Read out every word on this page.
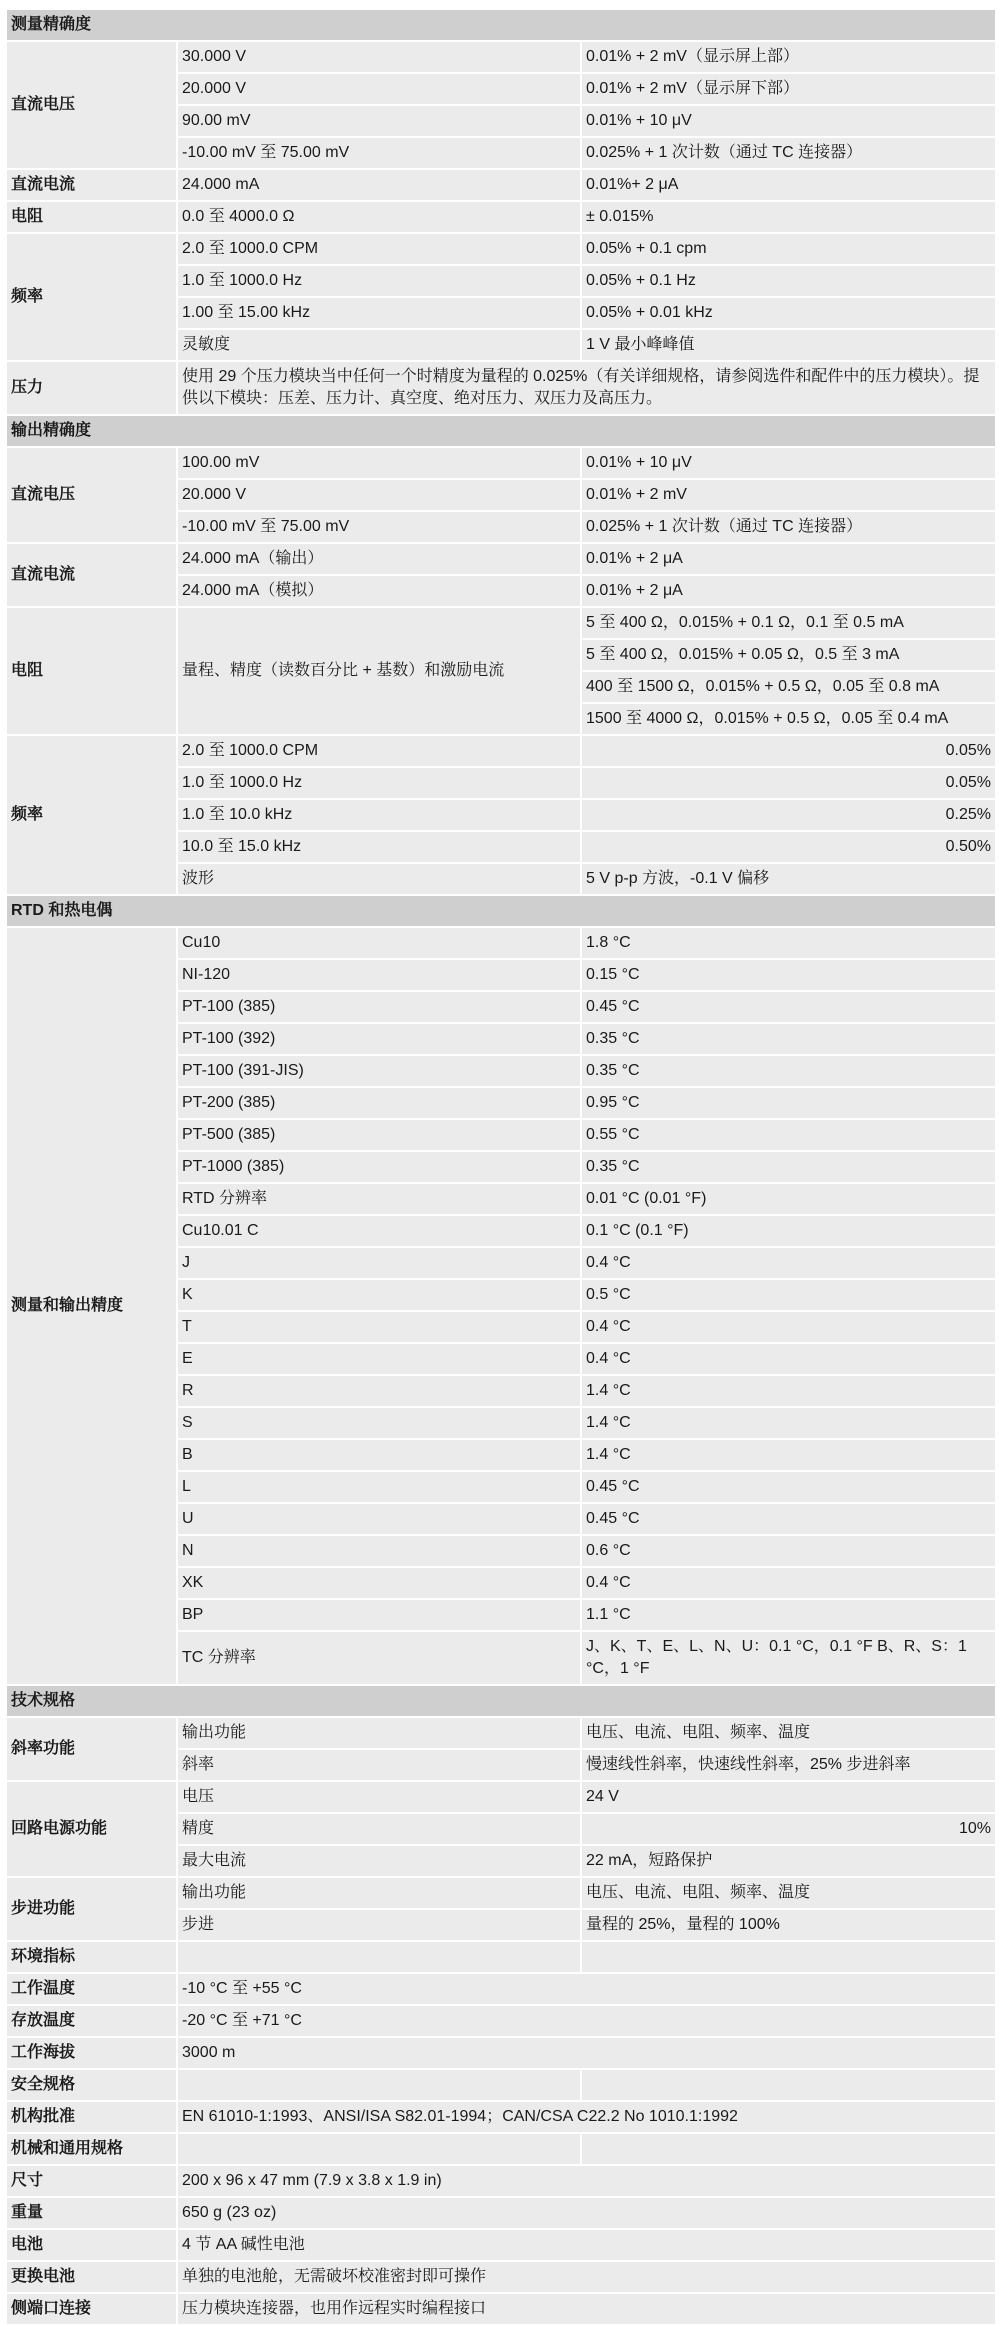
测量精确度		
直流电压	30.000 V	0.01% + 2 mV（显示屏上部）
	20.000 V	0.01% + 2 mV（显示屏下部）
	90.00 mV	0.01% + 10 μV
	-10.00 mV 至 75.00 mV	0.025% + 1 次计数（通过 TC 连接器）
直流电流	24.000 mA	0.01%+ 2 μA
电阻	0.0 至 4000.0 Ω	± 0.015%
频率	2.0 至 1000.0 CPM	0.05% + 0.1 cpm
	1.0 至 1000.0 Hz	0.05% + 0.1 Hz
	1.00 至 15.00 kHz	0.05% + 0.01 kHz
	灵敏度	1 V 最小峰峰值
压力	使用 29 个压力模块当中任何一个时精度为量程的 0.025%（有关详细规格，请参阅选件和配件中的压力模块）。提供以下模块：压差、压力计、真空度、绝对压力、双压力及高压力。	
输出精确度		
直流电压	100.00 mV	0.01% + 10 μV
	20.000 V	0.01% + 2 mV
	-10.00 mV 至 75.00 mV	0.025% + 1 次计数（通过 TC 连接器）
直流电流	24.000 mA（输出）	0.01% + 2 μA
	24.000 mA（模拟）	0.01% + 2 μA
电阻	量程、精度（读数百分比 + 基数）和激励电流	5 至 400 Ω，0.015% + 0.1 Ω，0.1 至 0.5 mA
		5 至 400 Ω，0.015% + 0.05 Ω，0.5 至 3 mA
		400 至 1500 Ω，0.015% + 0.5 Ω，0.05 至 0.8 mA
		1500 至 4000 Ω，0.015% + 0.5 Ω，0.05 至 0.4 mA
频率	2.0 至 1000.0 CPM	0.05%
	1.0 至 1000.0 Hz	0.05%
	1.0 至 10.0 kHz	0.25%
	10.0 至 15.0 kHz	0.50%
	波形	5 V p-p 方波，-0.1 V 偏移
RTD 和热电偶		
测量和输出精度	Cu10	1.8 °C
	NI-120	0.15 °C
	PT-100 (385)	0.45 °C
	PT-100 (392)	0.35 °C
	PT-100 (391-JIS)	0.35 °C
	PT-200 (385)	0.95 °C
	PT-500 (385)	0.55 °C
	PT-1000 (385)	0.35 °C
	RTD 分辨率	0.01 °C (0.01 °F)
	Cu10.01 C	0.1 °C (0.1 °F)
	J	0.4 °C
	K	0.5 °C
	T	0.4 °C
	E	0.4 °C
	R	1.4 °C
	S	1.4 °C
	B	1.4 °C
	L	0.45 °C
	U	0.45 °C
	N	0.6 °C
	XK	0.4 °C
	BP	1.1 °C
	TC 分辨率	J、K、T、E、L、N、U：0.1 °C，0.1 °F B、R、S：1 °C，1 °F
技术规格		
斜率功能	输出功能	电压、电流、电阻、频率、温度
	斜率	慢速线性斜率，快速线性斜率，25% 步进斜率
回路电源功能	电压	24 V
	精度	10%
	最大电流	22 mA，短路保护
步进功能	输出功能	电压、电流、电阻、频率、温度
	步进	量程的 25%，量程的 100%
环境指标		
工作温度	-10 °C 至 +55 °C	
存放温度	-20 °C 至 +71 °C	
工作海拔	3000 m	
安全规格		
机构批准	EN 61010-1:1993、ANSI/ISA S82.01-1994；CAN/CSA C22.2 No 1010.1:1992	
机械和通用规格		
尺寸	200 x 96 x 47 mm (7.9 x 3.8 x 1.9 in)	
重量	650 g (23 oz)	
电池	4 节 AA 碱性电池	
更换电池	单独的电池舱，无需破坏校准密封即可操作	
侧端口连接	压力模块连接器，也用作远程实时编程接口	
